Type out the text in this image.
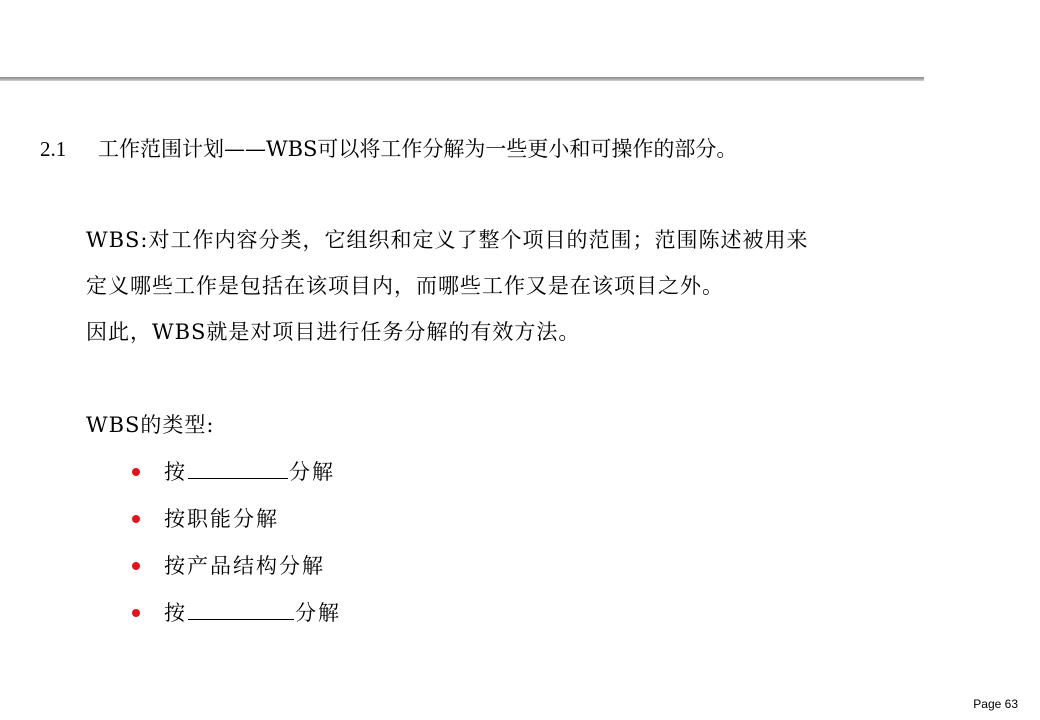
2.1 工作范围计划——WBS可以将工作分解为一些更小和可操作的部分。
WBS:对工作内容分类，它组织和定义了整个项目的范围；范围陈述被用来
定义哪些工作是包括在该项目内，而哪些工作又是在该项目之外。
因此，WBS就是对项目进行任务分解的有效方法。
WBS的类型:
按	分解
按职能分解
按产品结构分解
按	分解
Page 63
